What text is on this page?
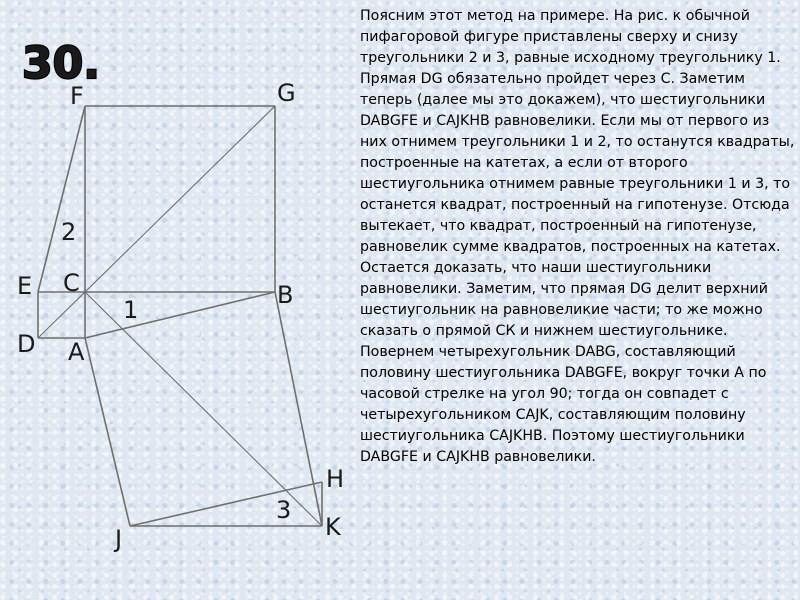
30.
F	G
E C	B
D A
H
J	K
2
1
3

Поясним этот метод на примере. На рис. к обычной пифагоровой фигуре приставлены сверху и снизу треугольники 2 и 3, равные исходному треугольнику 1. Прямая DG обязательно пройдет через С. Заметим теперь (далее мы это докажем), что шестиугольники DABGFE и CAJKHB равновелики. Если мы от первого из них отнимем треугольники 1 и 2, то останутся квадраты, построенные на катетах, а если от второго шестиугольника отнимем равные треугольники 1 и 3, то останется квадрат, построенный на гипотенузе. Отсюда вытекает, что квадрат, построенный на гипотенузе, равновелик сумме квадратов, построенных на катетах.

Остается доказать, что наши шестиугольники равновелики. Заметим, что прямая DG делит верхний шестиугольник на равновеликие части; то же можно сказать о прямой СК и нижнем шестиугольнике. Повернем четырехугольник DABG, составляющий половину шестиугольника DABGFE, вокруг точки А по часовой стрелке на угол 90; тогда он совпадет с четырехугольником CAJK, составляющим половину шестиугольника CAJKHB. Поэтому шестиугольники DABGFE и CAJKHB равновелики.
